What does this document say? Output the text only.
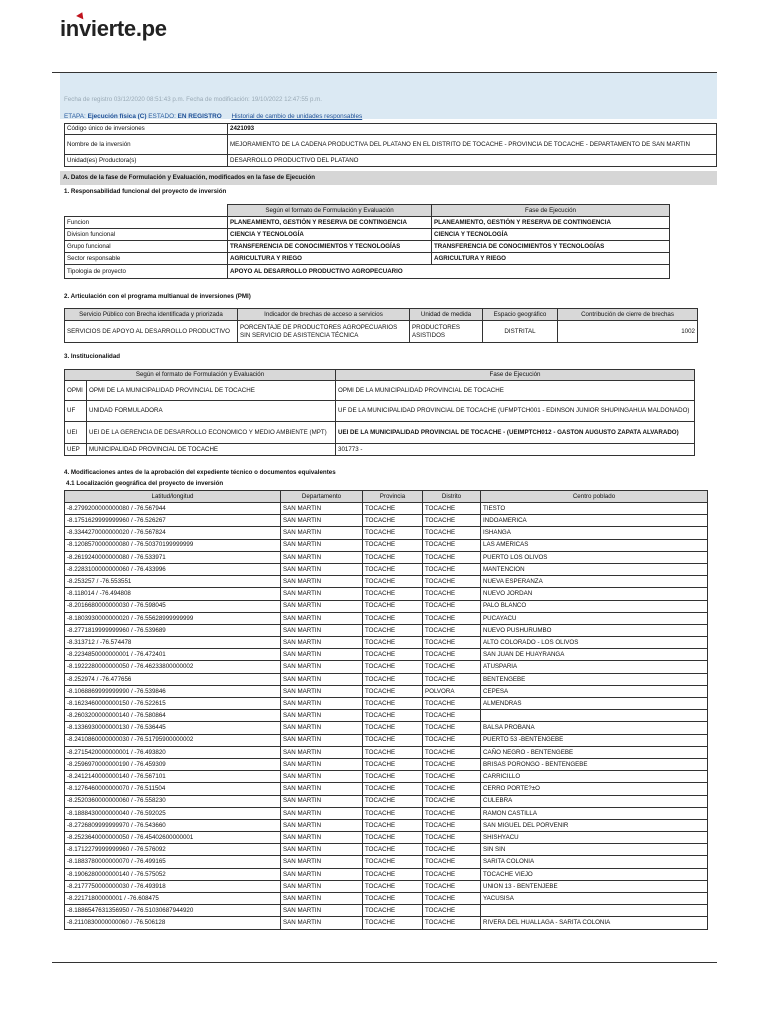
invierte.pe
Fecha de registro 03/12/2020 08:51:43 p.m. Fecha de modificación: 19/10/2022 12:47:55 p.m.
ETAPA: Ejecución física (C) ESTADO: EN REGISTRO Historial de cambio de unidades responsables
Código único de inversiones	2421093
Nombre de la inversión	MEJORAMIENTO DE LA CADENA PRODUCTIVA DEL PLATANO EN EL DISTRITO DE TOCACHE - PROVINCIA DE TOCACHE - DEPARTAMENTO DE SAN MARTIN
Unidad(es) Productora(s)	DESARROLLO PRODUCTIVO DEL PLATANO
A. Datos de la fase de Formulación y Evaluación, modificados en la fase de Ejecución
1. Responsabilidad funcional del proyecto de inversión
	Según el formato de Formulación y Evaluación	Fase de Ejecución
Funcion	PLANEAMIENTO, GESTIÓN Y RESERVA DE CONTINGENCIA	PLANEAMIENTO, GESTIÓN Y RESERVA DE CONTINGENCIA
Division funcional	CIENCIA Y TECNOLOGÍA	CIENCIA Y TECNOLOGÍA
Grupo funcional	TRANSFERENCIA DE CONOCIMIENTOS Y TECNOLOGÍAS	TRANSFERENCIA DE CONOCIMIENTOS Y TECNOLOGÍAS
Sector responsable	AGRICULTURA Y RIEGO	AGRICULTURA Y RIEGO
Tipologia de proyecto	APOYO AL DESARROLLO PRODUCTIVO AGROPECUARIO	
2. Articulación con el programa multianual de inversiones (PMI)
Servicio Público con Brecha identificada y priorizada	Indicador de brechas de acceso a servicios	Unidad de medida	Espacio geográfico	Contribución de cierre de brechas
SERVICIOS DE APOYO AL DESARROLLO PRODUCTIVO	PORCENTAJE DE PRODUCTORES AGROPECUARIOS SIN SERVICIO DE ASISTENCIA TÉCNICA	PRODUCTORES ASISTIDOS	DISTRITAL	1002
3. Institucionalidad
Según el formato de Formulación y Evaluación		Fase de Ejecución
OPMI	OPMI DE LA MUNICIPALIDAD PROVINCIAL DE TOCACHE	OPMI DE LA MUNICIPALIDAD PROVINCIAL DE TOCACHE
UF	UNIDAD FORMULADORA	UF DE LA MUNICIPALIDAD PROVINCIAL DE TOCACHE (UFMPTCH001 - EDINSON JUNIOR SHUPINGAHUA MALDONADO)
UEI	UEI DE LA GERENCIA DE DESARROLLO ECONOMICO Y MEDIO AMBIENTE (MPT)	UEI DE LA MUNICIPALIDAD PROVINCIAL DE TOCACHE - (UEIMPTCH012 - GASTON AUGUSTO ZAPATA ALVARADO)
UEP	MUNICIPALIDAD PROVINCIAL DE TOCACHE	301773 -
4. Modificaciones antes de la aprobación del expediente técnico o documentos equivalentes
4.1 Localización geográfica del proyecto de inversión
Latitud/longitud	Departamento	Provincia	Distrito	Centro poblado
-8.2799200000000080 / -76.567944	SAN MARTIN	TOCACHE	TOCACHE	TIESTO
-8.1751629999999960 / -76.526267	SAN MARTIN	TOCACHE	TOCACHE	INDOAMERICA
-8.3344270000000020 / -76.567824	SAN MARTIN	TOCACHE	TOCACHE	ISHANGA
-8.1208570000000080 / -76.50370199999999	SAN MARTIN	TOCACHE	TOCACHE	LAS AMERICAS
-8.2619240000000080 / -76.533971	SAN MARTIN	TOCACHE	TOCACHE	PUERTO LOS OLIVOS
-8.2283100000000060 / -76.433996	SAN MARTIN	TOCACHE	TOCACHE	MANTENCION
-8.253257 / -76.553551	SAN MARTIN	TOCACHE	TOCACHE	NUEVA ESPERANZA
-8.118014 / -76.494808	SAN MARTIN	TOCACHE	TOCACHE	NUEVO JORDAN
-8.2016680000000030 / -76.598045	SAN MARTIN	TOCACHE	TOCACHE	PALO BLANCO
-8.1803930000000020 / -76.55628999999999	SAN MARTIN	TOCACHE	TOCACHE	PUCAYACU
-8.2771819999999960 / -76.539689	SAN MARTIN	TOCACHE	TOCACHE	NUEVO PUSHURUMBO
-8.313712 / -76.574478	SAN MARTIN	TOCACHE	TOCACHE	ALTO COLORADO - LOS OLIVOS
-8.2234850000000001 / -76.472401	SAN MARTIN	TOCACHE	TOCACHE	SAN JUAN DE HUAYRANGA
-8.1922280000000050 / -76.46233800000002	SAN MARTIN	TOCACHE	TOCACHE	ATUSPARIA
-8.252974 / -76.477656	SAN MARTIN	TOCACHE	TOCACHE	BENTENGEBE
-8.1068869999999990 / -76.539846	SAN MARTIN	TOCACHE	POLVORA	CEPESA
-8.1623460000000150 / -76.522615	SAN MARTIN	TOCACHE	TOCACHE	ALMENDRAS
-8.2603200000000140 / -76.580864	SAN MARTIN	TOCACHE	TOCACHE	
-8.1336930000000130 / -76.536445	SAN MARTIN	TOCACHE	TOCACHE	BALSA PROBANA
-8.2410860000000030 / -76.51795900000002	SAN MARTIN	TOCACHE	TOCACHE	PUERTO 53 -BENTENGEBE
-8.2715420000000001 / -76.493820	SAN MARTIN	TOCACHE	TOCACHE	CAÑO NEGRO - BENTENGEBE
-8.2596970000000190 / -76.459309	SAN MARTIN	TOCACHE	TOCACHE	BRISAS PORONGO - BENTENGEBE
-8.2412140000000140 / -76.567101	SAN MARTIN	TOCACHE	TOCACHE	CARRICILLO
-8.1276460000000070 / -76.511504	SAN MARTIN	TOCACHE	TOCACHE	CERRO PORTE?±O
-8.2520360000000060 / -76.558230	SAN MARTIN	TOCACHE	TOCACHE	CULEBRA
-8.1888430000000040 / -76.592025	SAN MARTIN	TOCACHE	TOCACHE	RAMON CASTILLA
-8.2726809999999970 / -76.543660	SAN MARTIN	TOCACHE	TOCACHE	SAN MIGUEL DEL PORVENIR
-8.2523640000000050 / -76.45402600000001	SAN MARTIN	TOCACHE	TOCACHE	SHISHYACU
-8.1712279999999960 / -76.576092	SAN MARTIN	TOCACHE	TOCACHE	SIN SIN
-8.1883780000000070 / -76.499165	SAN MARTIN	TOCACHE	TOCACHE	SARITA COLONIA
-8.1906280000000140 / -76.575052	SAN MARTIN	TOCACHE	TOCACHE	TOCACHE VIEJO
-8.2177750000000030 / -76.493918	SAN MARTIN	TOCACHE	TOCACHE	UNION 13 - BENTENJEBE
-8.22171800000001 / -76.608475	SAN MARTIN	TOCACHE	TOCACHE	YACUSISA
-8.1886547631356950 / -76.51030687944920	SAN MARTIN	TOCACHE	TOCACHE	
-8.2110830000000060 / -76.506128	SAN MARTIN	TOCACHE	TOCACHE	RIVERA DEL HUALLAGA - SARITA COLONIA
